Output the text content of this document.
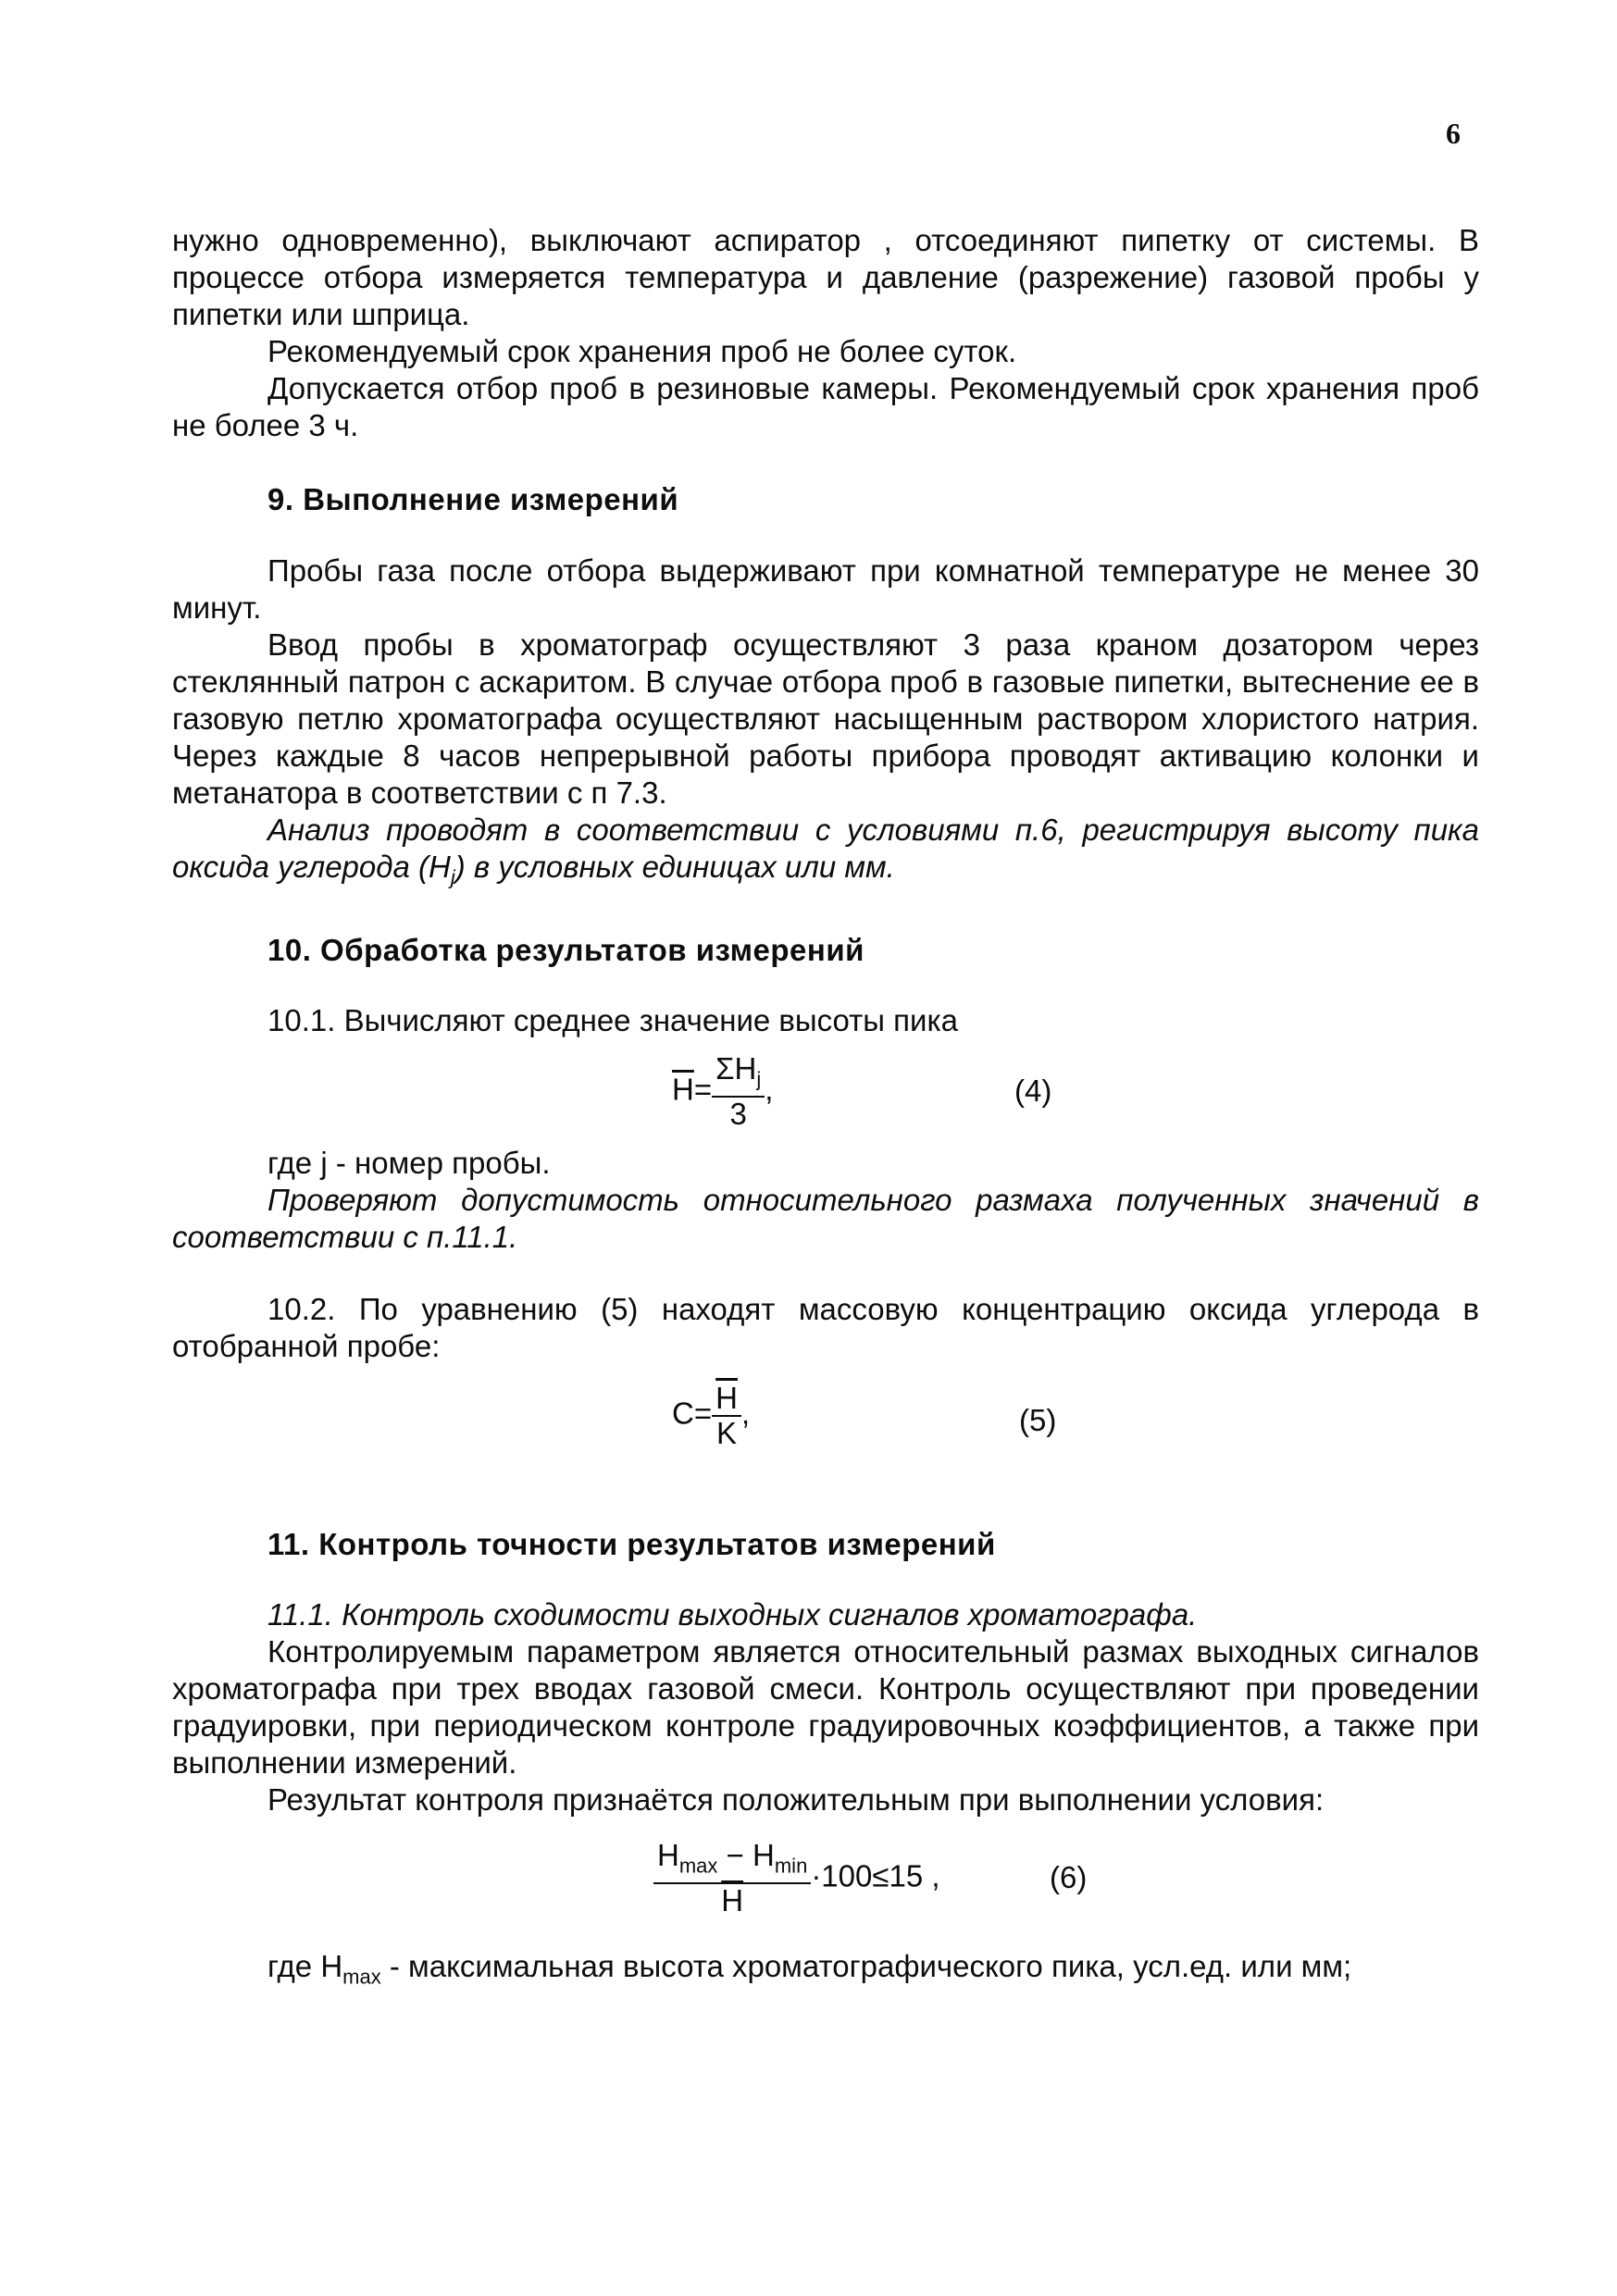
6

нужно одновременно), выключают аспиратор , отсоединяют пипетку от системы. В процессе отбора измеряется температура и давление (разрежение) газовой пробы у пипетки или шприца.

Рекомендуемый срок хранения проб не более суток.

Допускается отбор проб в резиновые камеры. Рекомендуемый срок хранения проб не более 3 ч.

9. Выполнение измерений

Пробы газа после отбора выдерживают при комнатной температуре не менее 30 минут.

Ввод пробы в хроматограф осуществляют 3 раза краном дозатором через стеклянный патрон с аскаритом. В случае отбора проб в газовые пипетки, вытеснение ее в газовую петлю хроматографа осуществляют насыщенным раствором хлористого натрия. Через каждые 8 часов непрерывной работы прибора проводят активацию колонки и метанатора в соответствии с п 7.3.

Анализ проводят в соответствии с условиями п.6, регистрируя высоту пика оксида углерода $(H_j)$ в условных единицах или мм.

10. Обработка результатов измерений

10.1. Вычисляют среднее значение высоты пика

$\overline{H}= \frac{\Sigma H_j}{3}$ ,	(4)

где j - номер пробы.

Проверяют допустимость относительного размаха полученных значений в соответствии с п.11.1.

10.2. По уравнению (5) находят массовую концентрацию оксида углерода в отобранной пробе:

$C= \frac{\overline{H}}{K}$ ,	(5)
11. Контроль точности результатов измерений

11.1. Контроль сходимости выходных сигналов хроматографа.

Контролируемым параметром является относительный размах выходных сигналов хроматографа при трех вводах газовой смеси. Контроль осуществляют при проведении градуировки, при периодическом контроле градуировочных коэффициентов, а также при выполнении измерений.

Результат контроля признаётся положительным при выполнении условия:

$\frac{H_{max} - H_{min}}{H} \cdot 100\le 15$ ,	(6)

где $H_{max}$ - максимальная высота хроматографического пика, усл.ед. или мм;
